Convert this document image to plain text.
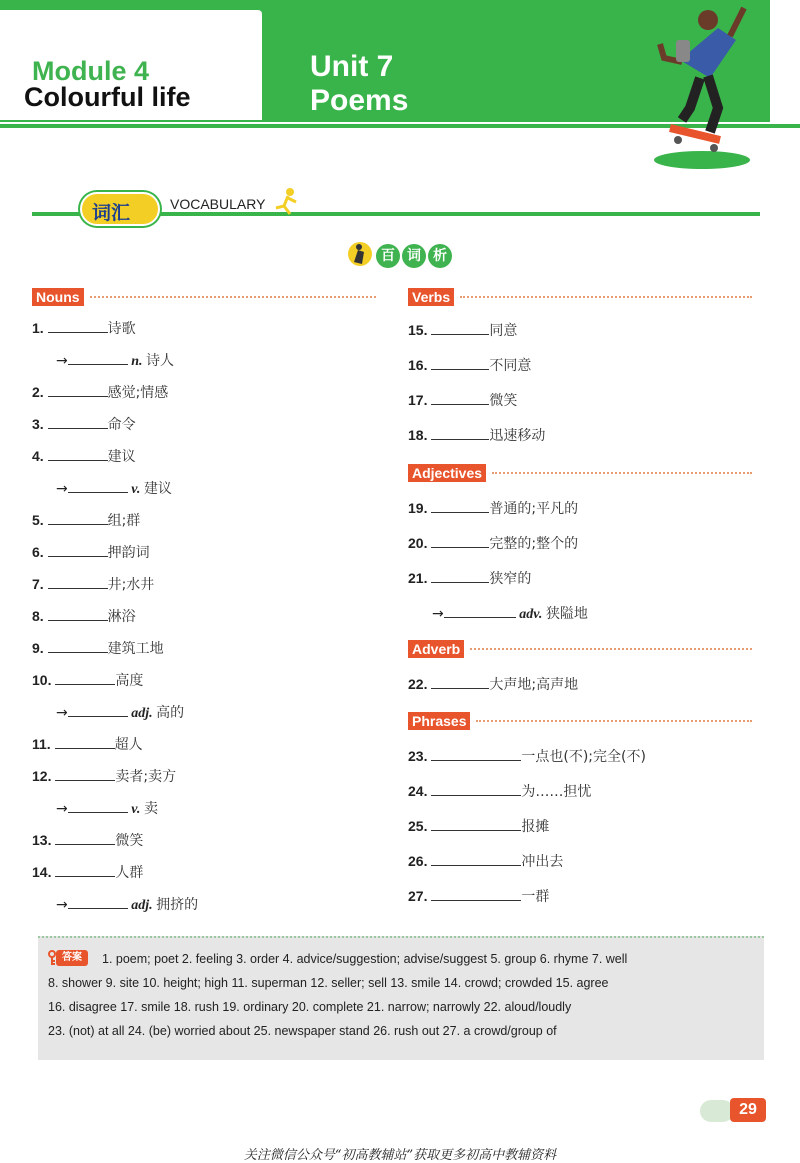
Module 4
Colourful life
Unit 7
Poems
词汇	VOCABULARY
百 词 析
Nouns
1.	诗歌
→	n. 诗人
2.	感觉;情感
3.	命令
4.	建议
→	v. 建议
5.	组;群
6.	押韵词
7.	井;水井
8.	淋浴
9.	建筑工地
10.	高度
→	adj. 高的
11.	超人
12.	卖者;卖方
→	v. 卖
13.	微笑
14.	人群
→	adj. 拥挤的
Verbs
15.	同意
16.	不同意
17.	微笑
18.	迅速移动
Adjectives
19.	普通的;平凡的
20.	完整的;整个的
21.	狭窄的
→	adv. 狭隘地
Adverb
22.	大声地;高声地
Phrases
23.	一点也(不);完全(不)
24.	为……担忧
25.	报摊
26.	冲出去
27.	一群
答案	1. poem; poet 2. feeling 3. order 4. advice/suggestion; advise/suggest 5. group 6. rhyme 7. well
8. shower 9. site 10. height; high 11. superman 12. seller; sell 13. smile 14. crowd; crowded 15. agree
16. disagree 17. smile 18. rush 19. ordinary 20. complete 21. narrow; narrowly 22. aloud/loudly
23. (not) at all 24. (be) worried about 25. newspaper stand 26. rush out 27. a crowd/group of
29
关注微信公众号“初高教辅站”获取更多初高中教辅资料
